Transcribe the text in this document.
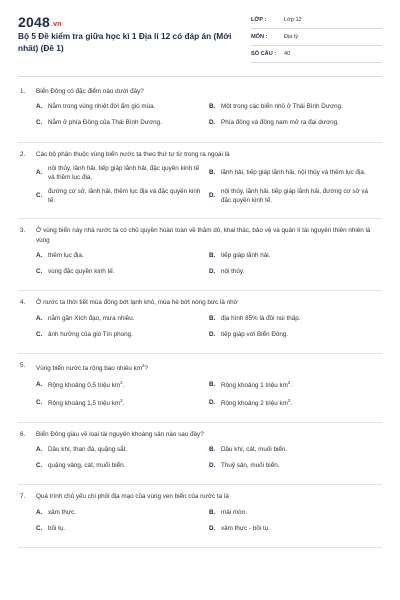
2048.vn
Bộ 5 Đề kiểm tra giữa học kì 1 Địa lí 12 có đáp án (Mới nhất) (Đề 1)
LỚP :	Lớp 12
MÔN :	Địa lý
SỐ CÂU : 40
1. Biển Đông có đặc điểm nào dưới đây?
A. Nằm trong vùng nhiệt đới ẩm gió mùa.	B. Một trong các biển nhỏ ở Thái Bình Dương.
C. Nằm ở phía Đông của Thái Bình Dương.	D. Phía đông và đông nam mở ra đại dương.
2. Các bộ phận thuộc vùng biển nước ta theo thứ tự từ trong ra ngoài là
A.
nội thủy, lãnh hải, tiếp giáp lãnh hải, đặc quyền kinh tế và thềm lục địa.
B. lãnh hải, tiếp giáp lãnh hải, nội thủy và thềm lục địa.
C.
đường cơ sở, lãnh hải, thềm lục địa và đặc quyền kinh tế.
D.
nội thủy, lãnh hải, tiếp giáp lãnh hải, đường cơ sở và đặc quyền kinh tế.
3. Ở vùng biển này nhà nước ta có chủ quyền hoàn toàn về thăm dò, khai thác, bảo vệ và quản lí tài nguyên thiên nhiên là vùng
A. thềm lục địa.	B. tiếp giáp lãnh hải.
C. vùng đặc quyền kinh tế.	D. nội thủy.
4. Ở nước ta thời tiết mùa đông bớt lạnh khô, mùa hè bớt nóng bức là nhờ
A. nằm gần Xích đạo, mưa nhiều.	B. địa hình 85% là đồi núi thấp.
C. ảnh hưởng của gió Tín phong.	D. tiếp giáp với Biển Đông.
5. Vùng biển nước ta rộng bao nhiêu $km^2$?
A. Rộng khoảng 0,5 triệu $km^2$.	B. Rộng khoảng 1 triệu $km^2$.
C. Rộng khoảng 1,5 triệu $km^2$.	D. Rộng khoảng 2 triệu $km^2$.
6. Biển Đông giàu về loại tài nguyên khoáng sản nào sau đây?
A. Dầu khí, than đá, quặng sắt.	B. Dầu khí, cát, muối biển.
C. quặng vàng, cát, muối biển.	D. Thuỷ sản, muối biển.
7. Quá trình chủ yếu chi phối địa mạo của vùng ven biển của nước ta là
A. xâm thực.	B. mài mòn.
C. bồi tụ.	D. xâm thực - bồi tụ.
